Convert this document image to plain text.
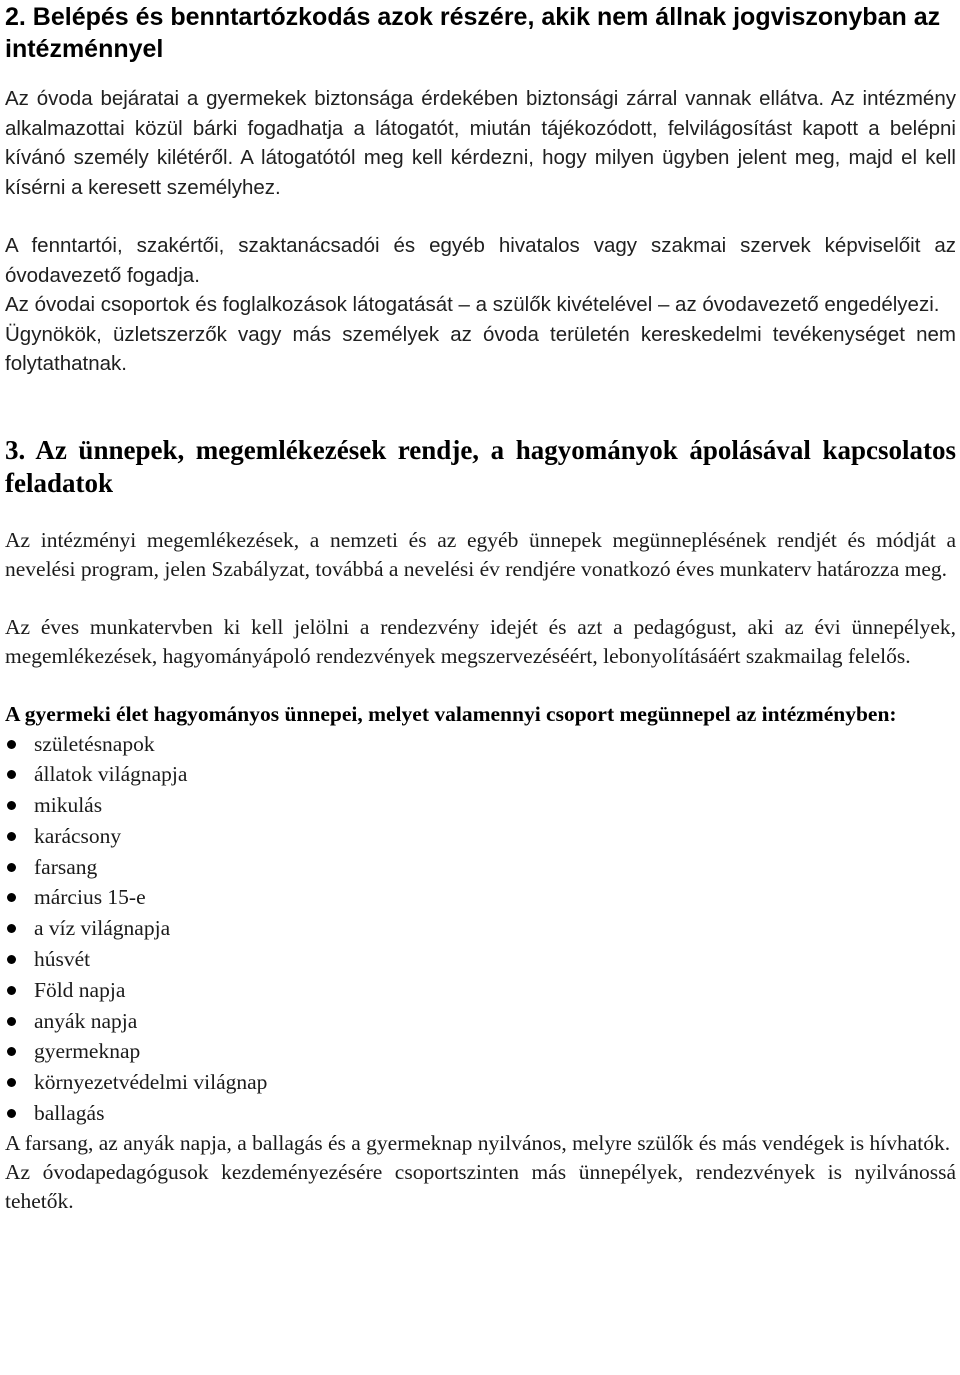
2. Belépés és benntartózkodás azok részére, akik nem állnak jogviszonyban az intézménnyel

Az óvoda bejáratai a gyermekek biztonsága érdekében biztonsági zárral vannak ellátva. Az intézmény alkalmazottai közül bárki fogadhatja a látogatót, miután tájékozódott, felvilágosítást kapott a belépni kívánó személy kilétéről. A látogatótól meg kell kérdezni, hogy milyen ügyben jelent meg, majd el kell kísérni a keresett személyhez.

A fenntartói, szakértői, szaktanácsadói és egyéb hivatalos vagy szakmai szervek képviselőit az óvodavezető fogadja.

Az óvodai csoportok és foglalkozások látogatását – a szülők kivételével – az óvodavezető engedélyezi.

Ügynökök, üzletszerzők vagy más személyek az óvoda területén kereskedelmi tevékenységet nem folytathatnak.

3. Az ünnepek, megemlékezések rendje, a hagyományok ápolásával kapcsolatos feladatok

Az intézményi megemlékezések, a nemzeti és az egyéb ünnepek megünneplésének rendjét és módját a nevelési program, jelen Szabályzat, továbbá a nevelési év rendjére vonatkozó éves munkaterv határozza meg.

Az éves munkatervben ki kell jelölni a rendezvény idejét és azt a pedagógust, aki az évi ünnepélyek, megemlékezések, hagyományápoló rendezvények megszervezéséért, lebonyolításáért szakmailag felelős.

A gyermeki élet hagyományos ünnepei, melyet valamennyi csoport megünnepel az intézményben:

születésnapok
állatok világnapja
mikulás
karácsony
farsang
március 15-e
a víz világnapja
húsvét
Föld napja
anyák napja
gyermeknap
környezetvédelmi világnap
ballagás

A farsang, az anyák napja, a ballagás és a gyermeknap nyilvános, melyre szülők és más vendégek is hívhatók.

Az óvodapedagógusok kezdeményezésére csoportszinten más ünnepélyek, rendezvények is nyilvánossá tehetők.
